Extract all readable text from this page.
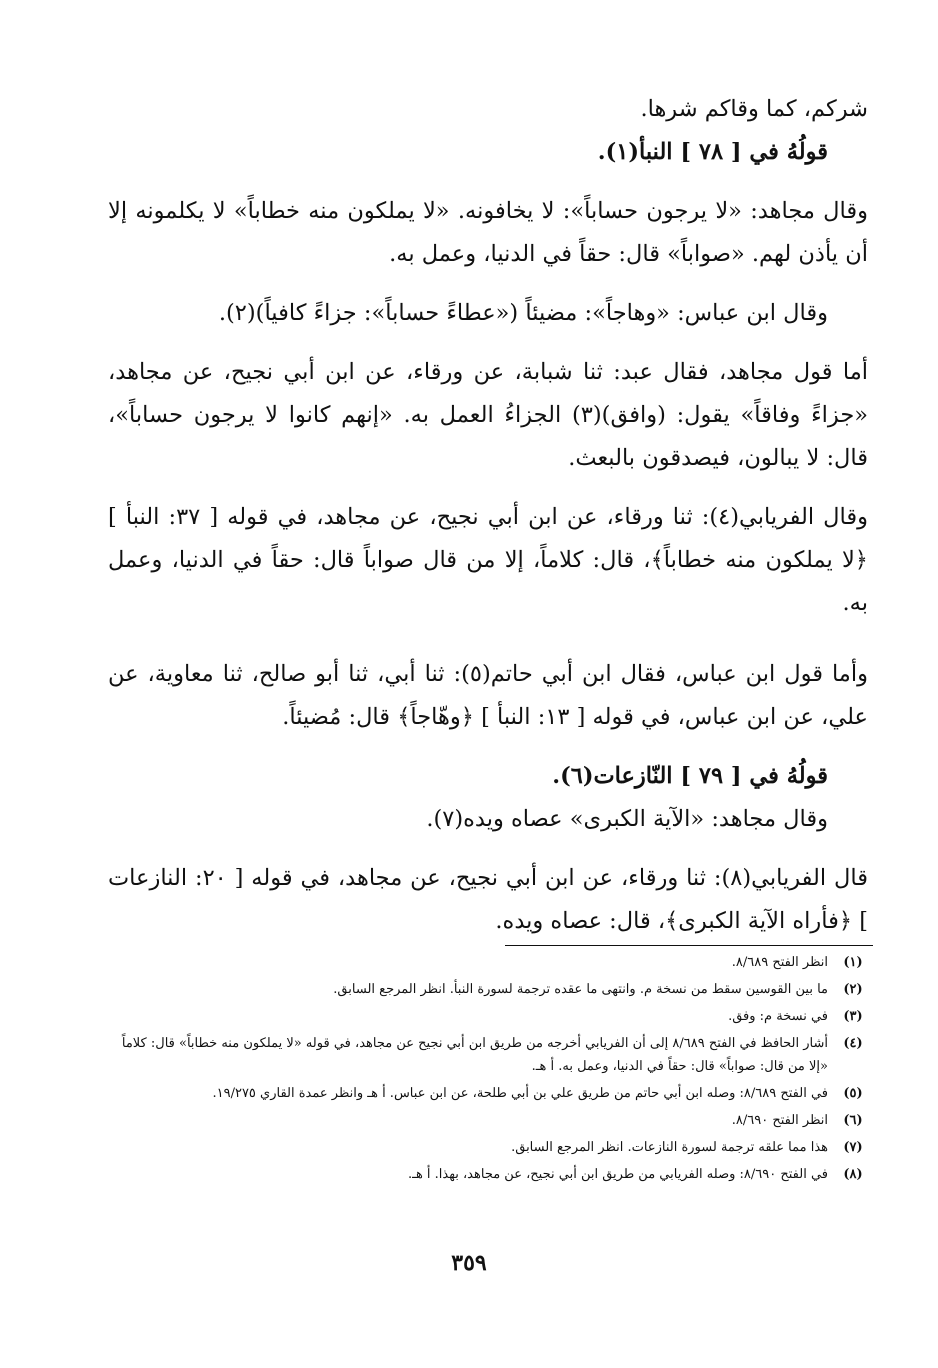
شركم، كما وقاكم شرها.

قولُهُ في [ ٧٨ ] النبأ(١).

وقال مجاهد: «لا يرجون حساباً»: لا يخافونه. «لا يملكون منه خطاباً» لا يكلمونه إلا أن يأذن لهم. «صواباً» قال: حقاً في الدنيا، وعمل به.

وقال ابن عباس: «وهاجاً»: مضيئاً («عطاءً حساباً»: جزاءً كافياً)(٢).

أما قول مجاهد، فقال عبد: ثنا شبابة، عن ورقاء، عن ابن أبي نجيح، عن مجاهد، «جزاءً وفاقاً» يقول: (وافق)(٣) الجزاءُ العمل به. «إنهم كانوا لا يرجون حساباً»، قال: لا يبالون، فيصدقون بالبعث.

وقال الفريابي(٤): ثنا ورقاء، عن ابن أبي نجيح، عن مجاهد، في قوله [ ٣٧: النبأ ] ﴿لا يملكون منه خطاباً﴾، قال: كلاماً، إلا من قال صواباً قال: حقاً في الدنيا، وعمل به.

وأما قول ابن عباس، فقال ابن أبي حاتم(٥): ثنا أبي، ثنا أبو صالح، ثنا معاوية، عن علي، عن ابن عباس، في قوله [ ١٣: النبأ ] ﴿وهّاجاً﴾ قال: مُضيئاً.

قولُهُ في [ ٧٩ ] النّازعات(٦).

وقال مجاهد: «الآية الكبرى» عصاه ويده(٧).

قال الفريابي(٨): ثنا ورقاء، عن ابن أبي نجيح، عن مجاهد، في قوله [ ٢٠: النازعات ] ﴿فأراه الآية الكبرى﴾، قال: عصاه ويده.

(١)
انظر الفتح ٨/٦٨٩.
(٢)
ما بين القوسين سقط من نسخة م. وانتهى ما عقده ترجمة لسورة النبأ. انظر المرجع السابق.
(٣)
في نسخة م: وفق.
(٤)
أشار الحافظ في الفتح ٨/٦٨٩ إلى أن الفريابي أخرجه من طريق ابن أبي نجيح عن مجاهد، في قوله «لا يملكون منه خطاباً» قال: كلاماً «إلا من قال: صواباً» قال: حقاً في الدنيا، وعمل به. أ هـ.
(٥)
في الفتح ٨/٦٨٩: وصله ابن أبي حاتم من طريق علي بن أبي طلحة، عن ابن عباس. أ هـ وانظر عمدة القاري ١٩/٢٧٥.
(٦)
انظر الفتح ٨/٦٩٠.
(٧)
هذا مما علقه ترجمة لسورة النازعات. انظر المرجع السابق.
(٨)
في الفتح ٨/٦٩٠: وصله الفريابي من طريق ابن أبي نجيح، عن مجاهد، بهذا. أ هـ.
٣٥٩
